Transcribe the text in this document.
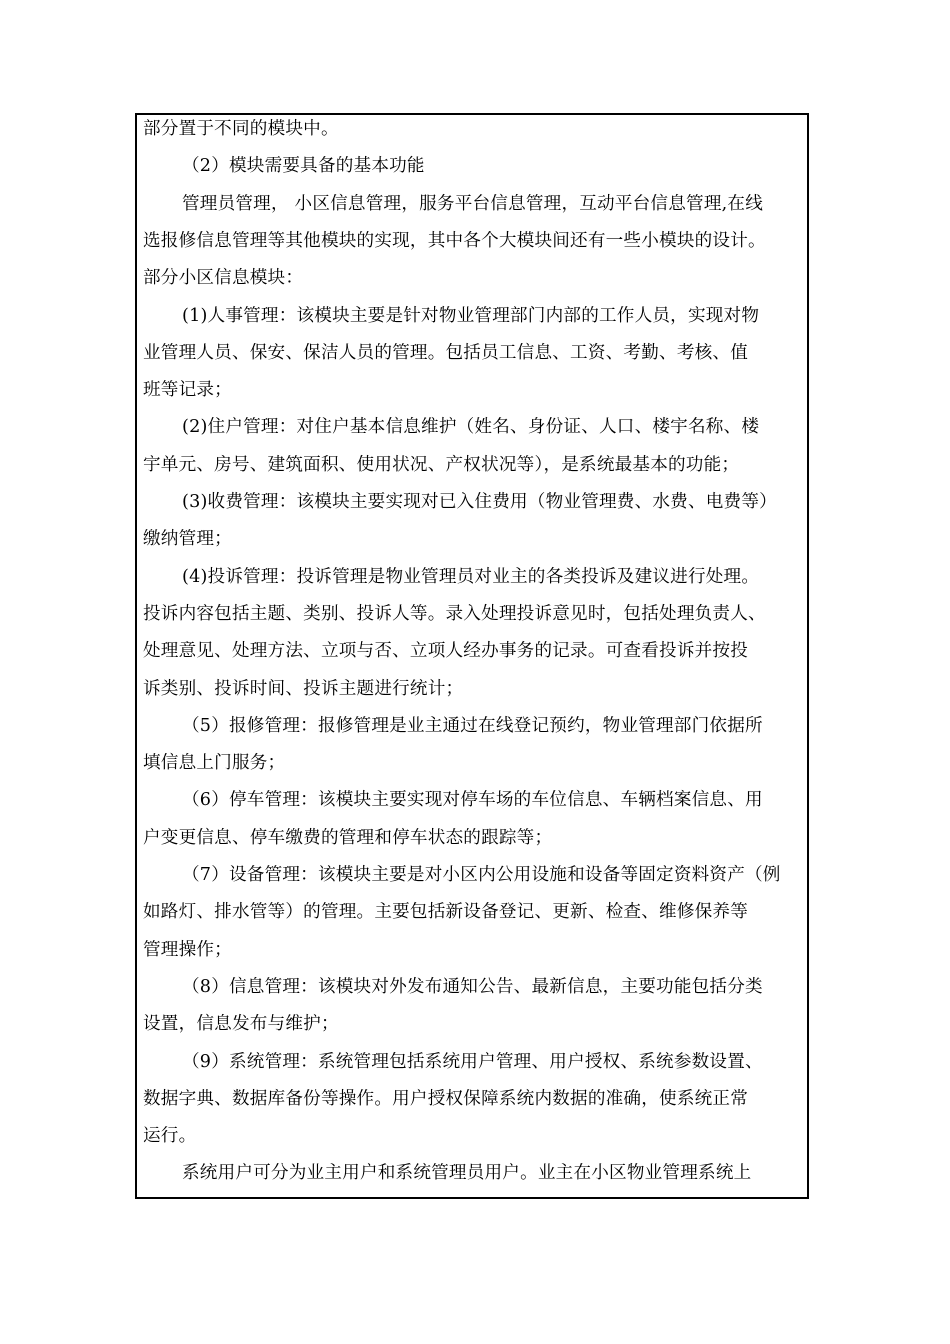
部分置于不同的模块中。
（2）模块需要具备的基本功能
管理员管理， 小区信息管理，服务平台信息管理，互动平台信息管理,在线
选报修信息管理等其他模块的实现，其中各个大模块间还有一些小模块的设计。
部分小区信息模块：
(1)人事管理：该模块主要是针对物业管理部门内部的工作人员，实现对物
业管理人员、保安、保洁人员的管理。包括员工信息、工资、考勤、考核、值
班等记录；
(2)住户管理：对住户基本信息维护（姓名、身份证、人口、楼宇名称、楼
宇单元、房号、建筑面积、使用状况、产权状况等），是系统最基本的功能；
(3)收费管理：该模块主要实现对已入住费用（物业管理费、水费、电费等）
缴纳管理；
(4)投诉管理：投诉管理是物业管理员对业主的各类投诉及建议进行处理。
投诉内容包括主题、类别、投诉人等。录入处理投诉意见时，包括处理负责人、
处理意见、处理方法、立项与否、立项人经办事务的记录。可查看投诉并按投
诉类别、投诉时间、投诉主题进行统计；
（5）报修管理：报修管理是业主通过在线登记预约，物业管理部门依据所
填信息上门服务；
（6）停车管理：该模块主要实现对停车场的车位信息、车辆档案信息、用
户变更信息、停车缴费的管理和停车状态的跟踪等；
（7）设备管理：该模块主要是对小区内公用设施和设备等固定资料资产（例
如路灯、排水管等）的管理。主要包括新设备登记、更新、检查、维修保养等
管理操作；
（8）信息管理：该模块对外发布通知公告、最新信息，主要功能包括分类
设置，信息发布与维护；
（9）系统管理：系统管理包括系统用户管理、用户授权、系统参数设置、
数据字典、数据库备份等操作。用户授权保障系统内数据的准确，使系统正常
运行。
系统用户可分为业主用户和系统管理员用户。业主在小区物业管理系统上
